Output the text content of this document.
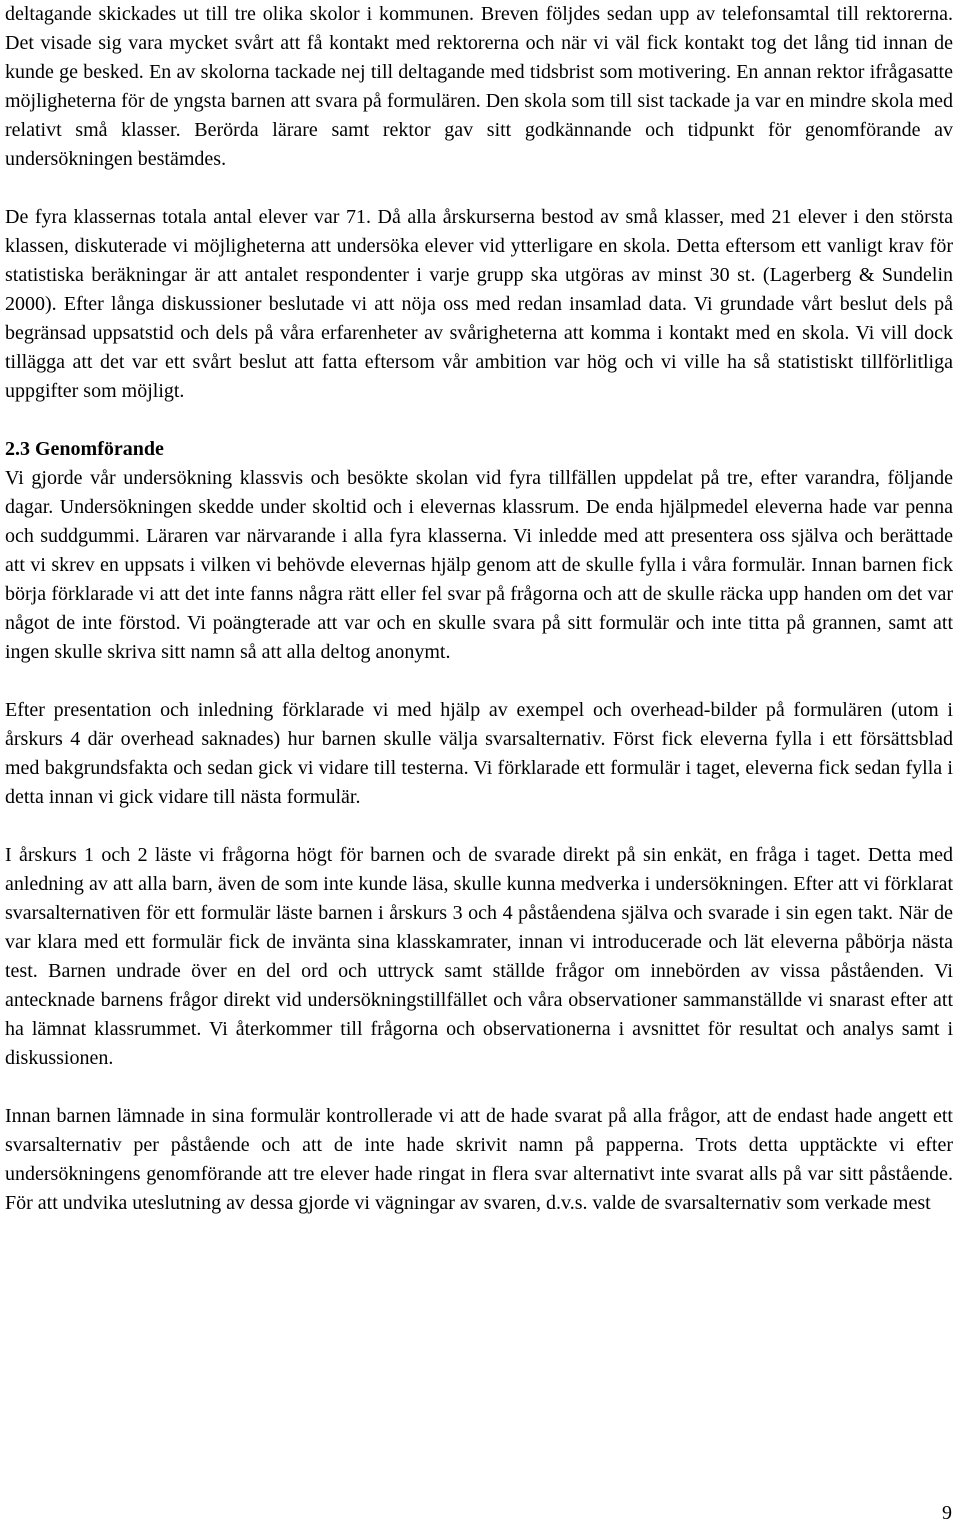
deltagande skickades ut till tre olika skolor i kommunen. Breven följdes sedan upp av telefonsamtal till rektorerna. Det visade sig vara mycket svårt att få kontakt med rektorerna och när vi väl fick kontakt tog det lång tid innan de kunde ge besked. En av skolorna tackade nej till deltagande med tidsbrist som motivering. En annan rektor ifrågasatte möjligheterna för de yngsta barnen att svara på formulären. Den skola som till sist tackade ja var en mindre skola med relativt små klasser. Berörda lärare samt rektor gav sitt godkännande och tidpunkt för genomförande av undersökningen bestämdes.

De fyra klassernas totala antal elever var 71. Då alla årskurserna bestod av små klasser, med 21 elever i den största klassen, diskuterade vi möjligheterna att undersöka elever vid ytterligare en skola. Detta eftersom ett vanligt krav för statistiska beräkningar är att antalet respondenter i varje grupp ska utgöras av minst 30 st. (Lagerberg & Sundelin 2000). Efter långa diskussioner beslutade vi att nöja oss med redan insamlad data. Vi grundade vårt beslut dels på begränsad uppsatstid och dels på våra erfarenheter av svårigheterna att komma i kontakt med en skola. Vi vill dock tillägga att det var ett svårt beslut att fatta eftersom vår ambition var hög och vi ville ha så statistiskt tillförlitliga uppgifter som möjligt.

2.3 Genomförande

Vi gjorde vår undersökning klassvis och besökte skolan vid fyra tillfällen uppdelat på tre, efter varandra, följande dagar. Undersökningen skedde under skoltid och i elevernas klassrum. De enda hjälpmedel eleverna hade var penna och suddgummi. Läraren var närvarande i alla fyra klasserna. Vi inledde med att presentera oss själva och berättade att vi skrev en uppsats i vilken vi behövde elevernas hjälp genom att de skulle fylla i våra formulär. Innan barnen fick börja förklarade vi att det inte fanns några rätt eller fel svar på frågorna och att de skulle räcka upp handen om det var något de inte förstod. Vi poängterade att var och en skulle svara på sitt formulär och inte titta på grannen, samt att ingen skulle skriva sitt namn så att alla deltog anonymt.

Efter presentation och inledning förklarade vi med hjälp av exempel och overhead-bilder på formulären (utom i årskurs 4 där overhead saknades) hur barnen skulle välja svarsalternativ. Först fick eleverna fylla i ett försättsblad med bakgrundsfakta och sedan gick vi vidare till testerna. Vi förklarade ett formulär i taget, eleverna fick sedan fylla i detta innan vi gick vidare till nästa formulär.

I årskurs 1 och 2 läste vi frågorna högt för barnen och de svarade direkt på sin enkät, en fråga i taget. Detta med anledning av att alla barn, även de som inte kunde läsa, skulle kunna medverka i undersökningen. Efter att vi förklarat svarsalternativen för ett formulär läste barnen i årskurs 3 och 4 påståendena själva och svarade i sin egen takt. När de var klara med ett formulär fick de invänta sina klasskamrater, innan vi introducerade och lät eleverna påbörja nästa test. Barnen undrade över en del ord och uttryck samt ställde frågor om innebörden av vissa påståenden. Vi antecknade barnens frågor direkt vid undersökningstillfället och våra observationer sammanställde vi snarast efter att ha lämnat klassrummet. Vi återkommer till frågorna och observationerna i avsnittet för resultat och analys samt i diskussionen.

Innan barnen lämnade in sina formulär kontrollerade vi att de hade svarat på alla frågor, att de endast hade angett ett svarsalternativ per påstående och att de inte hade skrivit namn på papperna. Trots detta upptäckte vi efter undersökningens genomförande att tre elever hade ringat in flera svar alternativt inte svarat alls på var sitt påstående. För att undvika uteslutning av dessa gjorde vi vägningar av svaren, d.v.s. valde de svarsalternativ som verkade mest

9
